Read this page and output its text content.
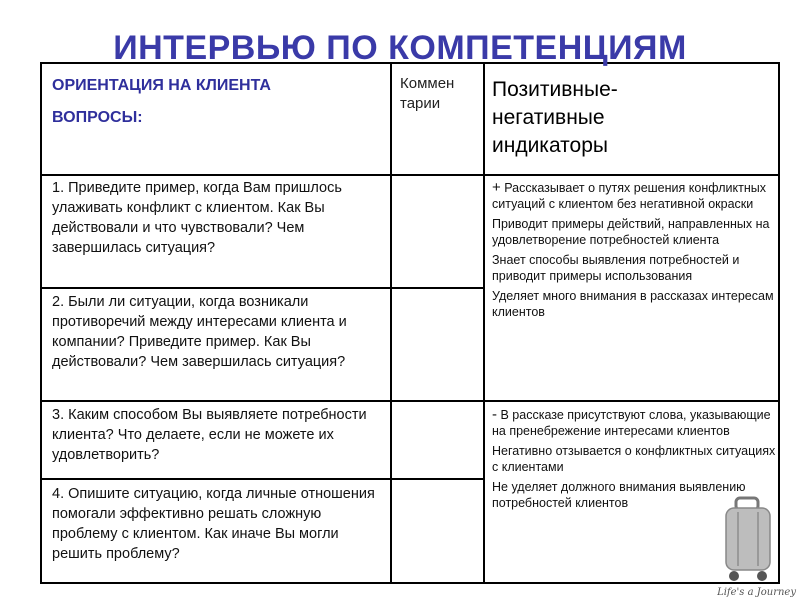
ИНТЕРВЬЮ ПО КОМПЕТЕНЦИЯМ
ОРИЕНТАЦИЯ НА КЛИЕНТА
ВОПРОСЫ:
Коммен
тарии
Позитивные-
негативные
индикаторы
1. Приведите пример, когда Вам пришлось улаживать конфликт с клиентом. Как Вы действовали и что чувствовали? Чем завершилась ситуация?
2. Были ли ситуации, когда возникали противоречий между интересами клиента и компании? Приведите пример. Как Вы действовали? Чем завершилась ситуация?
3. Каким способом Вы выявляете потребности клиента? Что делаете, если не можете их удовлетворить?
4. Опишите ситуацию, когда личные отношения помогали эффективно решать сложную проблему с клиентом. Как иначе Вы могли решить проблему?

+ Рассказывает о путях решения конфликтных ситуаций с клиентом без негативной окраски

Приводит примеры действий, направленных на удовлетворение потребностей клиента

Знает способы выявления потребностей и приводит примеры использования

Уделяет много внимания в рассказах интересам клиентов

- В рассказе присутствуют слова, указывающие на пренебрежение интересами клиентов

Негативно отзывается о конфликтных ситуациях с клиентами

Не уделяет должного внимания выявлению потребностей клиентов

Life's a Journey
